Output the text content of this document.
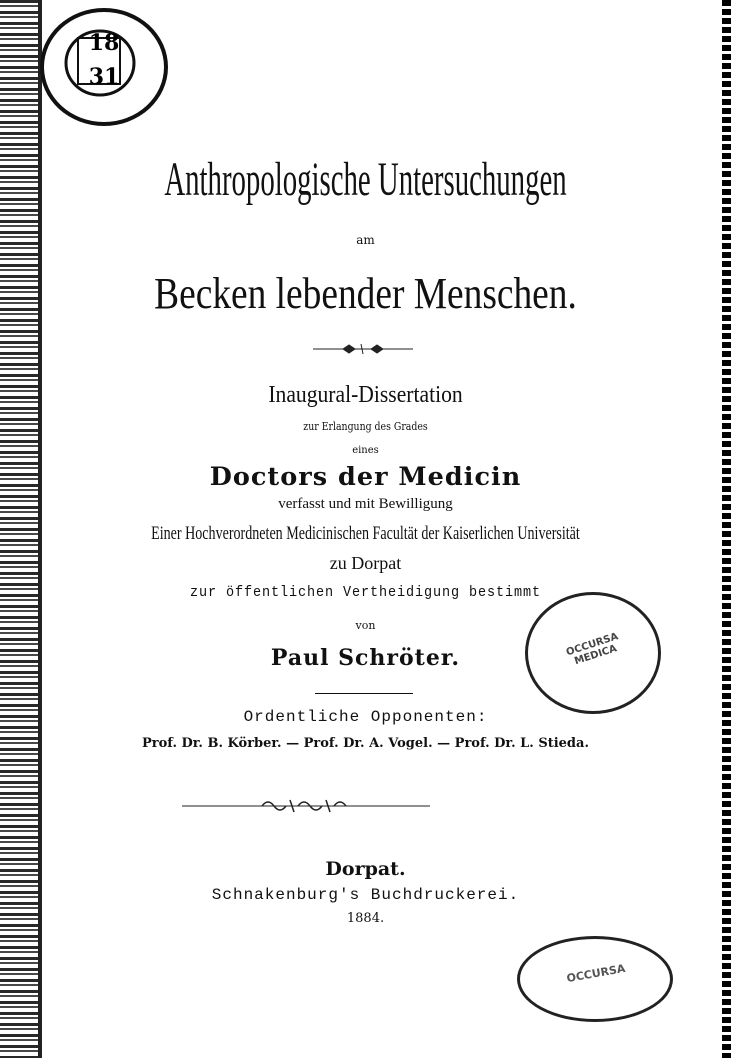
18
31
Anthropologische Untersuchungen
am
Becken lebender Menschen.
Inaugural-Dissertation
zur Erlangung des Grades
eines
Doctors der Medicin
verfasst und mit Bewilligung
Einer Hochverordneten Medicinischen Facultät der Kaiserlichen Universität
zu Dorpat
zur öffentlichen Vertheidigung bestimmt
von
Paul Schröter.
Ordentliche Opponenten:
Prof. Dr. B. Körber. — Prof. Dr. A. Vogel. — Prof. Dr. L. Stieda.
Dorpat.
Schnakenburg's Buchdruckerei.
1884.
OCCURSA MEDICA
OCCURSA
